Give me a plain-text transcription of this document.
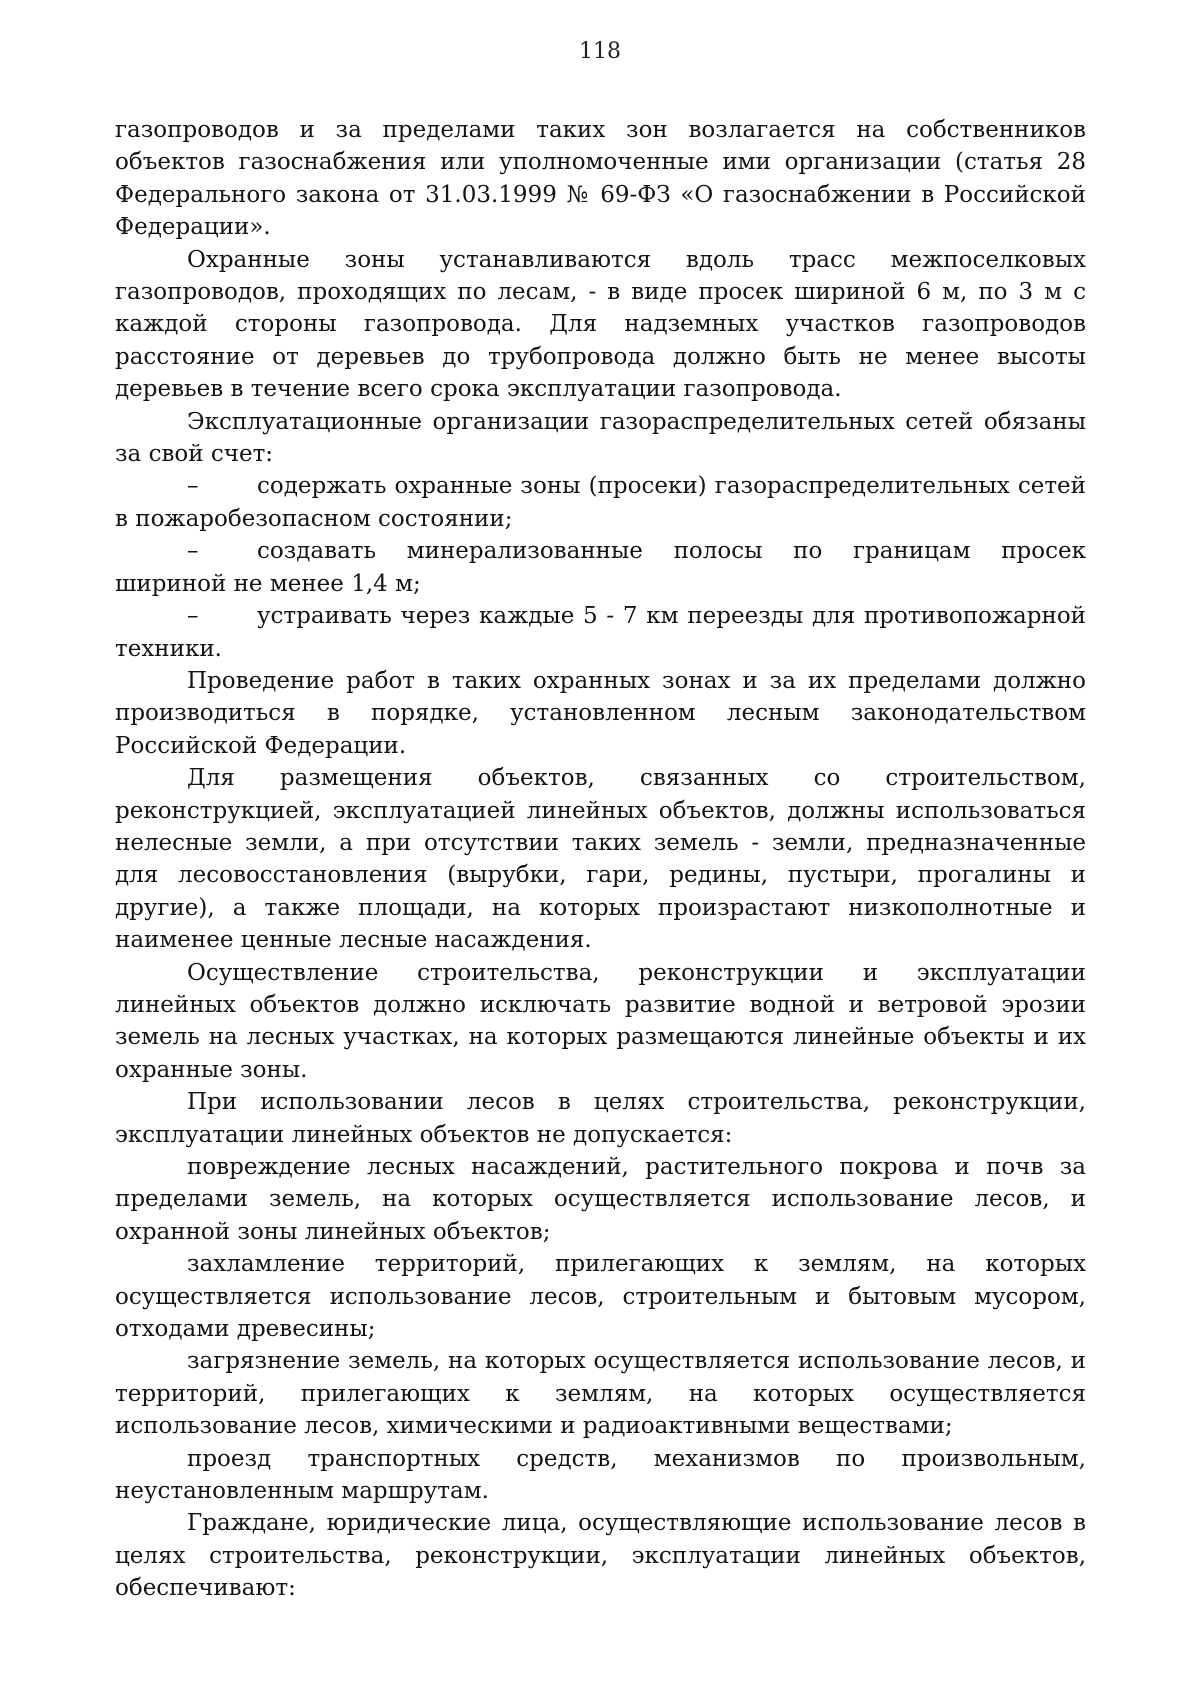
118

газопроводов и за пределами таких зон возлагается на собственников объектов газоснабжения или уполномоченные ими организации (статья 28 Федерального закона от 31.03.1999 № 69-ФЗ «О газоснабжении в Российской Федерации».

Охранные зоны устанавливаются вдоль трасс межпоселковых газопроводов, проходящих по лесам, - в виде просек шириной 6 м, по 3 м с каждой стороны газопровода. Для надземных участков газопроводов расстояние от деревьев до трубопровода должно быть не менее высоты деревьев в течение всего срока эксплуатации газопровода.

Эксплуатационные организации газораспределительных сетей обязаны за свой счет:

–	содержать охранные зоны (просеки) газораспределительных сетей в пожаробезопасном состоянии;

–	создавать минерализованные полосы по границам просек шириной не менее 1,4 м;

–	устраивать через каждые 5 - 7 км переезды для противопожарной техники.

Проведение работ в таких охранных зонах и за их пределами должно производиться в порядке, установленном лесным законодательством Российской Федерации.

Для размещения объектов, связанных со строительством, реконструкцией, эксплуатацией линейных объектов, должны использоваться нелесные земли, а при отсутствии таких земель - земли, предназначенные для лесовосстановления (вырубки, гари, редины, пустыри, прогалины и другие), а также площади, на которых произрастают низкополнотные и наименее ценные лесные насаждения.

Осуществление строительства, реконструкции и эксплуатации линейных объектов должно исключать развитие водной и ветровой эрозии земель на лесных участках, на которых размещаются линейные объекты и их охранные зоны.

При использовании лесов в целях строительства, реконструкции, эксплуатации линейных объектов не допускается:

повреждение лесных насаждений, растительного покрова и почв за пределами земель, на которых осуществляется использование лесов, и охранной зоны линейных объектов;

захламление территорий, прилегающих к землям, на которых осуществляется использование лесов, строительным и бытовым мусором, отходами древесины;

загрязнение земель, на которых осуществляется использование лесов, и территорий, прилегающих к землям, на которых осуществляется использование лесов, химическими и радиоактивными веществами;

проезд транспортных средств, механизмов по произвольным, неустановленным маршрутам.

Граждане, юридические лица, осуществляющие использование лесов в целях строительства, реконструкции, эксплуатации линейных объектов, обеспечивают:
